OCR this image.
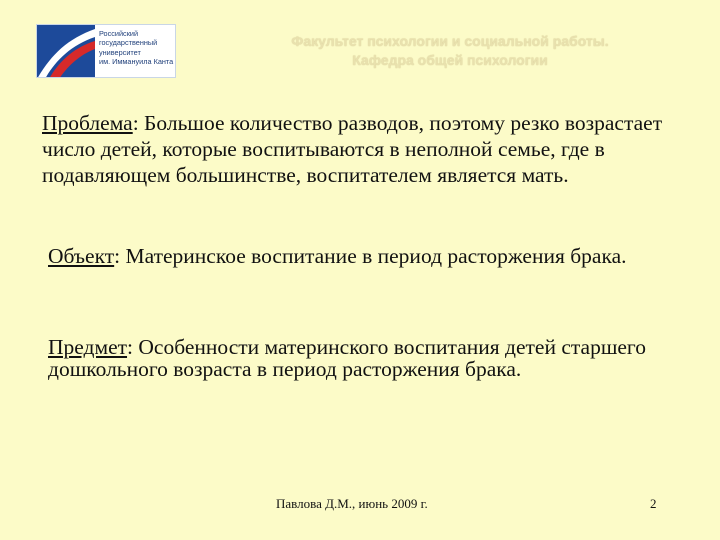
Российский
государственный
университет
им. Иммануила Канта
Факультет психологии и социальной работы.
Кафедра общей психологии
Проблема: Большое количество разводов, поэтому резко возрастает число детей, которые воспитываются в неполной семье, где в подавляющем большинстве, воспитателем является мать.
Объект: Материнское воспитание в период расторжения брака.
Предмет: Особенности материнского воспитания детей старшего дошкольного возраста в период расторжения брака.
Павлова Д.М., июнь 2009 г.	2
